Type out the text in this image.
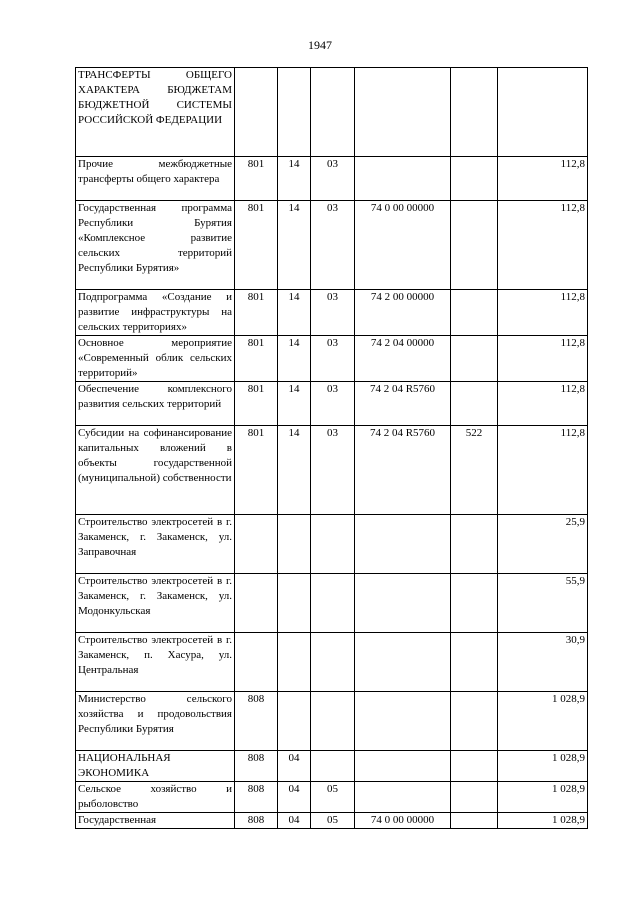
1947
ТРАНСФЕРТЫ ОБЩЕГО ХАРАКТЕРА БЮДЖЕТАМ БЮДЖЕТНОЙ СИСТЕМЫ РОССИЙСКОЙ ФЕДЕРАЦИИ						
Прочие межбюджетные трансферты общего характера	801	14	03			112,8
Государственная программа Республики Бурятия «Комплексное развитие сельских территорий Республики Бурятия»	801	14	03	74 0 00 00000		112,8
Подпрограмма «Создание и развитие инфраструктуры на сельских территориях»	801	14	03	74 2 00 00000		112,8
Основное мероприятие «Современный облик сельских территорий»	801	14	03	74 2 04 00000		112,8
Обеспечение комплексного развития сельских территорий	801	14	03	74 2 04 R5760		112,8
Субсидии на софинансирование капитальных вложений в объекты государственной (муниципальной) собственности	801	14	03	74 2 04 R5760	522	112,8
Строительство электросетей в г. Закаменск, г. Закаменск, ул. Заправочная						25,9
Строительство электросетей в г. Закаменск, г. Закаменск, ул. Модонкульская						55,9
Строительство электросетей в г. Закаменск, п. Хасура, ул. Центральная						30,9
Министерство сельского хозяйства и продовольствия Республики Бурятия	808					1 028,9
НАЦИОНАЛЬНАЯ ЭКОНОМИКА	808	04				1 028,9
Сельское хозяйство и рыболовство	808	04	05			1 028,9
Государственная	808	04	05	74 0 00 00000		1 028,9
